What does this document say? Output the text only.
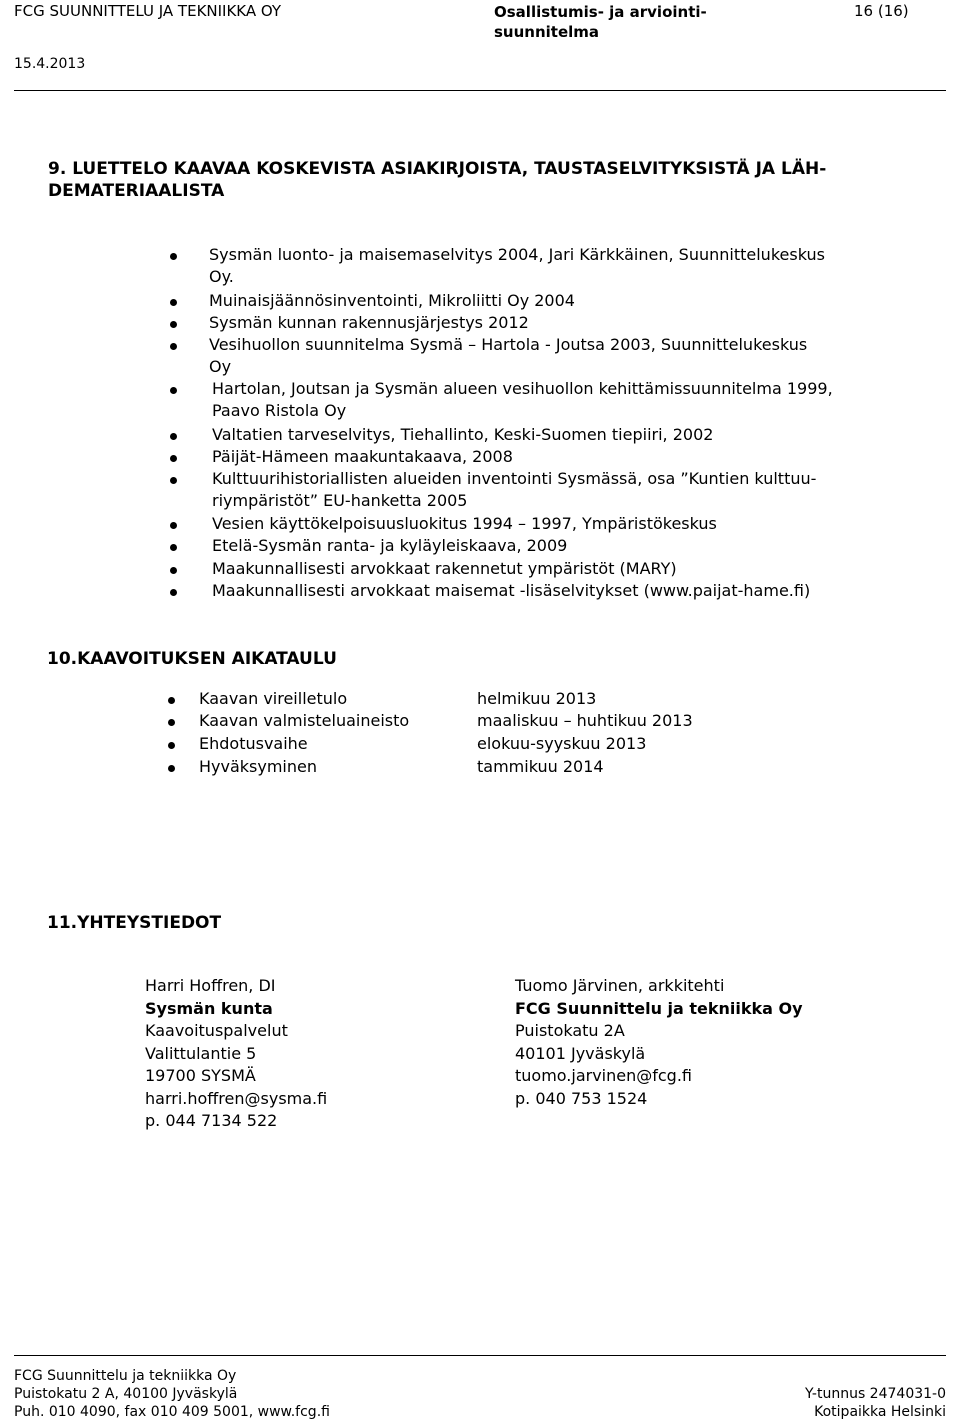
FCG SUUNNITTELU JA TEKNIIKKA OY	Osallistumis- ja arviointi-suunnitelma
16 (16)
15.4.2013
9. LUETTELO KAAVAA KOSKEVISTA ASIAKIRJOISTA, TAUSTASELVITYKSISTÄ JA LÄH-
DEMATERIAALISTA
Sysmän luonto- ja maisemaselvitys 2004, Jari Kärkkäinen, Suunnittelukeskus
Oy.
Muinaisjäännösinventointi, Mikroliitti Oy 2004
Sysmän kunnan rakennusjärjestys 2012
Vesihuollon suunnitelma Sysmä – Hartola - Joutsa 2003, Suunnittelukeskus
Oy
Hartolan, Joutsan ja Sysmän alueen vesihuollon kehittämissuunnitelma 1999,
Paavo Ristola Oy
Valtatien tarveselvitys, Tiehallinto, Keski-Suomen tiepiiri, 2002
Päijät-Hämeen maakuntakaava, 2008
Kulttuurihistoriallisten alueiden inventointi Sysmässä, osa ”Kuntien kulttuu-
riympäristöt” EU-hanketta 2005
Vesien käyttökelpoisuusluokitus 1994 – 1997, Ympäristökeskus
Etelä-Sysmän ranta- ja kyläyleiskaava, 2009
Maakunnallisesti arvokkaat rakennetut ympäristöt (MARY)
Maakunnallisesti arvokkaat maisemat -lisäselvitykset (www.paijat-hame.fi)
10.KAAVOITUKSEN AIKATAULU
Kaavan vireilletulo	helmikuu 2013
Kaavan valmisteluaineisto	maaliskuu – huhtikuu 2013
Ehdotusvaihe	elokuu-syyskuu 2013
Hyväksyminen	tammikuu 2014
11.YHTEYSTIEDOT
Harri Hoffren, DI
Sysmän kunta
Kaavoituspalvelut
Valittulantie 5
19700 SYSMÄ
harri.hoffren@sysma.fi
p. 044 7134 522
Tuomo Järvinen, arkkitehti
FCG Suunnittelu ja tekniikka Oy
Puistokatu 2A
40101 Jyväskylä
tuomo.jarvinen@fcg.fi
p. 040 753 1524
FCG Suunnittelu ja tekniikka Oy
Puistokatu 2 A, 40100 Jyväskylä	Y-tunnus 2474031-0
Puh. 010 4090, fax 010 409 5001, www.fcg.fi	Kotipaikka Helsinki
